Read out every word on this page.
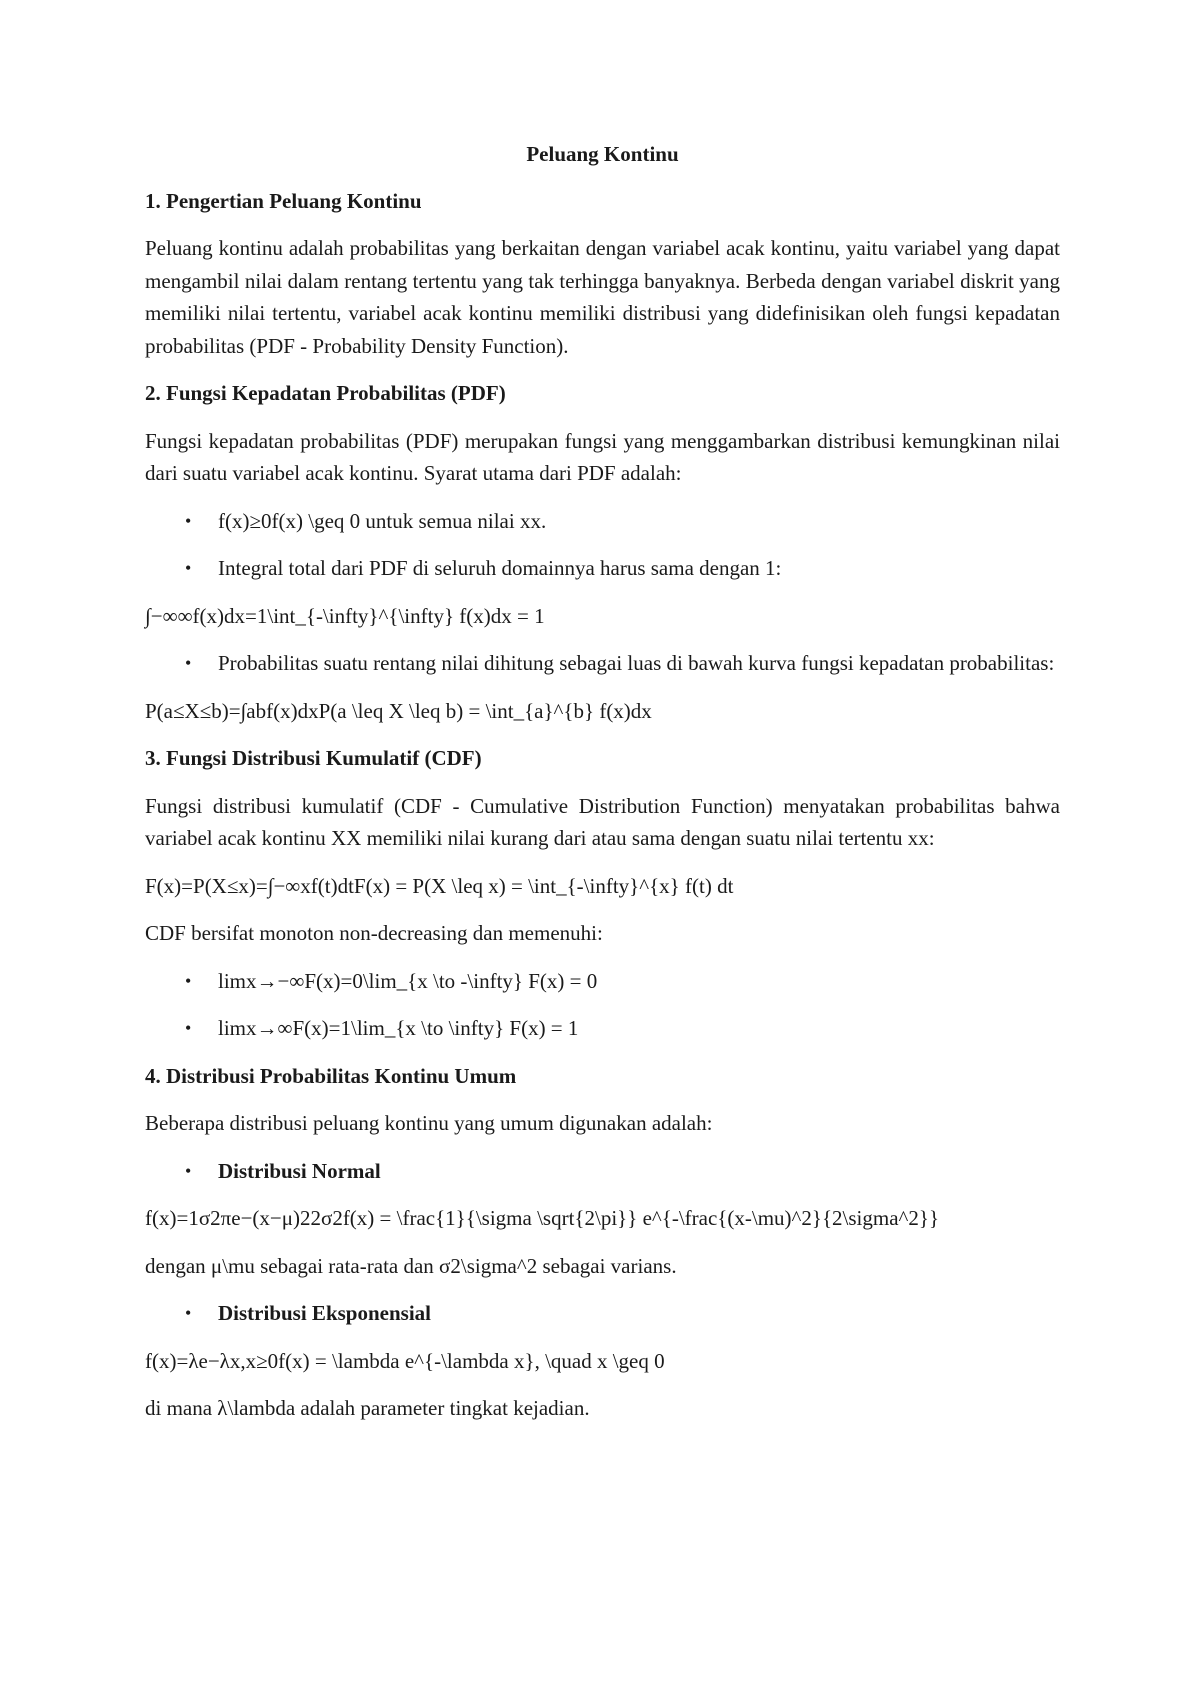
Peluang Kontinu
1. Pengertian Peluang Kontinu
Peluang kontinu adalah probabilitas yang berkaitan dengan variabel acak kontinu, yaitu variabel yang dapat mengambil nilai dalam rentang tertentu yang tak terhingga banyaknya. Berbeda dengan variabel diskrit yang memiliki nilai tertentu, variabel acak kontinu memiliki distribusi yang didefinisikan oleh fungsi kepadatan probabilitas (PDF - Probability Density Function).
2. Fungsi Kepadatan Probabilitas (PDF)
Fungsi kepadatan probabilitas (PDF) merupakan fungsi yang menggambarkan distribusi kemungkinan nilai dari suatu variabel acak kontinu. Syarat utama dari PDF adalah:
• f(x)≥0f(x) \geq 0 untuk semua nilai xx.
• Integral total dari PDF di seluruh domainnya harus sama dengan 1:
∫−∞∞f(x)dx=1\int_{-\infty}^{\infty} f(x)dx = 1
• Probabilitas suatu rentang nilai dihitung sebagai luas di bawah kurva fungsi kepadatan probabilitas:
P(a≤X≤b)=∫abf(x)dxP(a \leq X \leq b) = \int_{a}^{b} f(x)dx
3. Fungsi Distribusi Kumulatif (CDF)
Fungsi distribusi kumulatif (CDF - Cumulative Distribution Function) menyatakan probabilitas bahwa variabel acak kontinu XX memiliki nilai kurang dari atau sama dengan suatu nilai tertentu xx:
F(x)=P(X≤x)=∫−∞xf(t)dtF(x) = P(X \leq x) = \int_{-\infty}^{x} f(t) dt
CDF bersifat monoton non-decreasing dan memenuhi:
• lim⁡x→−∞F(x)=0\lim_{x \to -\infty} F(x) = 0
• lim⁡x→∞F(x)=1\lim_{x \to \infty} F(x) = 1
4. Distribusi Probabilitas Kontinu Umum
Beberapa distribusi peluang kontinu yang umum digunakan adalah:
• Distribusi Normal
f(x)=1σ2πe−(x−μ)22σ2f(x) = \frac{1}{\sigma \sqrt{2\pi}} e^{-\frac{(x-\mu)^2}{2\sigma^2}}
dengan μ\mu sebagai rata-rata dan σ2\sigma^2 sebagai varians.
• Distribusi Eksponensial
f(x)=λe−λx,x≥0f(x) = \lambda e^{-\lambda x}, \quad x \geq 0
di mana λ\lambda adalah parameter tingkat kejadian.
